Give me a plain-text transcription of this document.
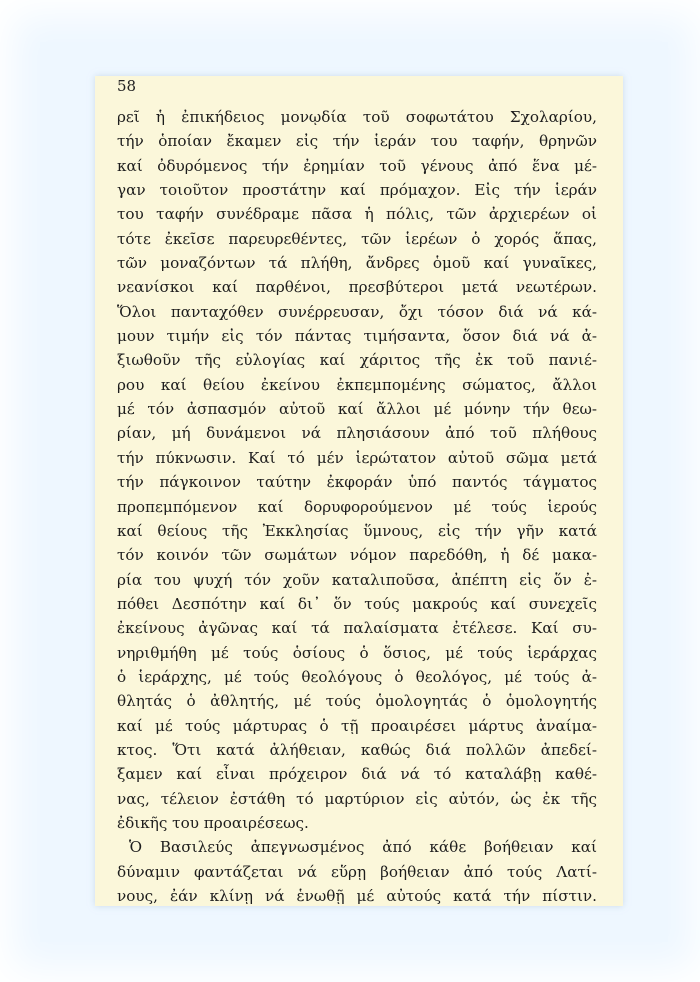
58
ρεῖ ἡ ἐπικήδειος μονῳδία τοῦ σοφωτάτου Σχολαρίου,
τήν ὁποίαν ἔκαμεν εἰς τήν ἱεράν του ταφήν, θρηνῶν
καί ὀδυρόμενος τήν ἐρημίαν τοῦ γένους ἀπό ἕνα μέ-
γαν τοιοῦτον προστάτην καί πρόμαχον. Εἰς τήν ἱεράν
του ταφήν συνέδραμε πᾶσα ἡ πόλις, τῶν ἀρχιερέων οἱ
τότε ἐκεῖσε παρευρεθέντες, τῶν ἱερέων ὁ χορός ἅπας,
τῶν μοναζόντων τά πλήθη, ἄνδρες ὁμοῦ καί γυναῖκες,
νεανίσκοι καί παρθένοι, πρεσβύτεροι μετά νεωτέρων.
Ὅλοι πανταχόθεν συνέρρευσαν, ὄχι τόσον διά νά κά-
μουν τιμήν εἰς τόν πάντας τιμήσαντα, ὅσον διά νά ἀ-
ξιωθοῦν τῆς εὐλογίας καί χάριτος τῆς ἐκ τοῦ πανιέ-
ρου καί θείου ἐκείνου ἐκπεμπομένης σώματος, ἄλλοι
μέ τόν ἀσπασμόν αὐτοῦ καί ἄλλοι μέ μόνην τήν θεω-
ρίαν, μή δυνάμενοι νά πλησιάσουν ἀπό τοῦ πλήθους
τήν πύκνωσιν. Καί τό μέν ἱερώτατον αὐτοῦ σῶμα μετά
τήν πάγκοινον ταύτην ἐκφοράν ὑπό παντός τάγματος
προπεμπόμενον καί δορυφορούμενον μέ τούς ἱερούς
καί θείους τῆς Ἐκκλησίας ὕμνους, εἰς τήν γῆν κατά
τόν κοινόν τῶν σωμάτων νόμον παρεδόθη, ἡ δέ μακα-
ρία του ψυχή τόν χοῦν καταλιποῦσα, ἀπέπτη εἰς ὅν ἐ-
πόθει Δεσπότην καί δι᾽ ὅν τούς μακρούς καί συνεχεῖς
ἐκείνους ἀγῶνας καί τά παλαίσματα ἐτέλεσε. Καί συ-
νηριθμήθη μέ τούς ὁσίους ὁ ὅσιος, μέ τούς ἱεράρχας
ὁ ἱεράρχης, μέ τούς θεολόγους ὁ θεολόγος, μέ τούς ἀ-
θλητάς ὁ ἀθλητής, μέ τούς ὁμολογητάς ὁ ὁμολογητής
καί μέ τούς μάρτυρας ὁ τῇ προαιρέσει μάρτυς ἀναίμα-
κτος. Ὅτι κατά ἀλήθειαν, καθώς διά πολλῶν ἀπεδεί-
ξαμεν καί εἶναι πρόχειρον διά νά τό καταλάβῃ καθέ-
νας, τέλειον ἐστάθη τό μαρτύριον εἰς αὐτόν, ὡς ἐκ τῆς
ἐδικῆς του προαιρέσεως.
Ὁ Βασιλεύς ἀπεγνωσμένος ἀπό κάθε βοήθειαν καί
δύναμιν φαντάζεται νά εὕρῃ βοήθειαν ἀπό τούς Λατί-
νους, ἐάν κλίνῃ νά ἑνωθῇ μέ αὐτούς κατά τήν πίστιν.
